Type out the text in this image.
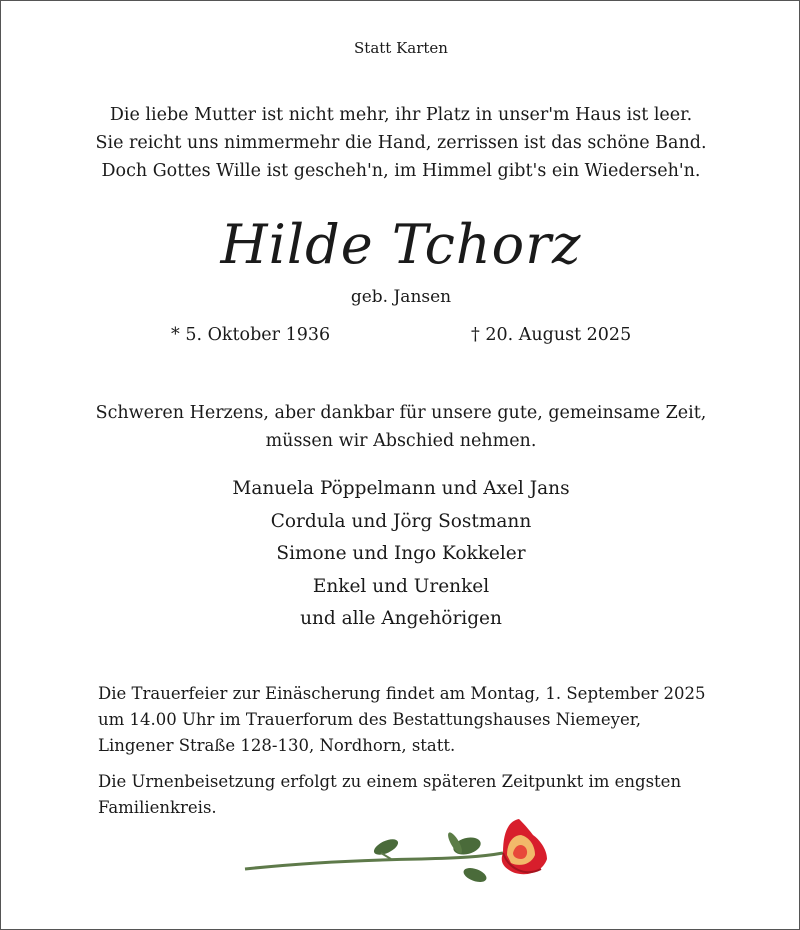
Statt Karten
Die liebe Mutter ist nicht mehr, ihr Platz in unser'm Haus ist leer.
Sie reicht uns nimmermehr die Hand, zerrissen ist das schöne Band.
Doch Gottes Wille ist gescheh'n, im Himmel gibt's ein Wiederseh'n.
Hilde Tchorz
geb. Jansen
* 5. Oktober 1936	† 20. August 2025
Schweren Herzens, aber dankbar für unsere gute, gemeinsame Zeit,
müssen wir Abschied nehmen.
Manuela Pöppelmann und Axel Jans
Cordula und Jörg Sostmann
Simone und Ingo Kokkeler
Enkel und Urenkel
und alle Angehörigen
Die Trauerfeier zur Einäscherung findet am Montag, 1. September 2025 um 14.00 Uhr im Trauerforum des Bestattungshauses Niemeyer, Lingener Straße 128-130, Nordhorn, statt.
Die Urnenbeisetzung erfolgt zu einem späteren Zeitpunkt im engsten Familienkreis.
